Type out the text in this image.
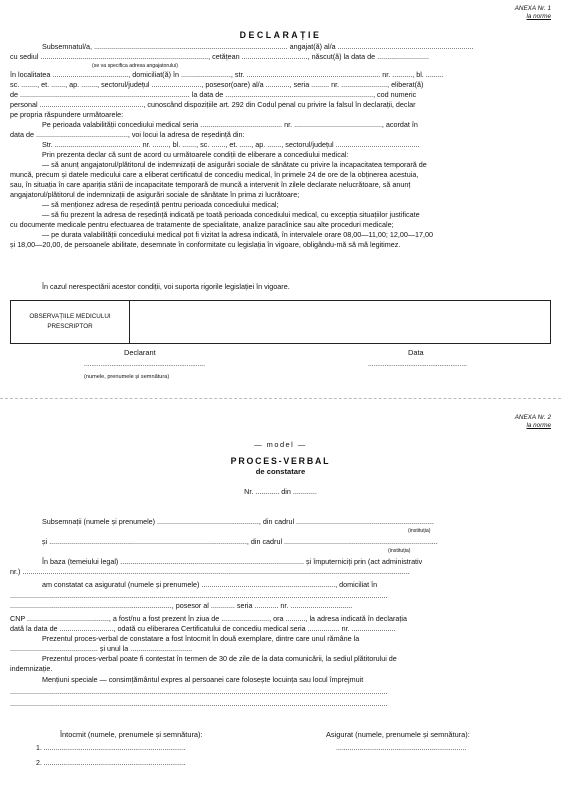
ANEXA Nr. 1
la norme
DECLARAȚIE
Subsemnatul/a, ................................................................................................. angajat(ă) al/a ....................................................................
cu sediul ...................................................................................., cetățean ................................., născut(ă) la data de ..........................
(se va specifica adresa angajatorului)
în localitatea ......................................, domiciliat(ă) în ........................., str. ................................................................... nr. .........., bl. .........
sc. ........, et. ......., ap. ........, sectorul/județul ........................., posesor(oare) al/a ............, seria ......... nr. ......................., eliberat(ă)
de ..................................................................................... la data de .........................................................................., cod numeric
personal ...................................................., cunoscând dispozițiile art. 292 din Codul penal cu privire la falsul în declarații, declar
pe propria răspundere următoarele:
Pe perioada valabilității concediului medical seria ......................................... nr. ............................................, acordat în
data de .............................................., voi locui la adresa de reședință din:
Str. ........................................... nr. ........, bl. ......., sc. ......., et. ......, ap. ......., sectorul/județul ..........................................
Prin prezenta declar că sunt de acord cu următoarele condiții de eliberare a concediului medical:
— să anunț angajatorul/plătitorul de indemnizații de asigurări sociale de sănătate cu privire la incapacitatea temporară de
muncă, precum și datele medicului care a eliberat certificatul de concediu medical, în primele 24 de ore de la obținerea acestuia,
sau, în situația în care apariția stării de incapacitate temporară de muncă a intervenit în zilele declarate nelucrătoare, să anunț
angajatorul/plătitorul de indemnizații de asigurări sociale de sănătate în prima zi lucrătoare;
— să menționez adresa de reședință pentru perioada concediului medical;
— să fiu prezent la adresa de reședință indicată pe toată perioada concediului medical, cu excepția situațiilor justificate
cu documente medicale pentru efectuarea de tratamente de specialitate, analize paraclinice sau alte proceduri medicale;
— pe durata valabilității concediului medical pot fi vizitat la adresa indicată, în intervalele orare 08,00—11,00; 12,00—17,00
și 18,00—20,00, de persoanele abilitate, desemnate în conformitate cu legislația în vigoare, obligându-mă să mă legitimez.
În cazul nerespectării acestor condiții, voi suporta rigorile legislației în vigoare.
OBSERVAȚIILE MEDICULUI PRESCRIPTOR
Declarant
..................................................................
(numele, prenumele și semnătura)
Data
......................................................
ANEXA Nr. 2
la norme
— model —
PROCES-VERBAL
de constatare
Nr. ............ din ............
Subsemnații (numele și prenumele) ..................................................., din cadrul .....................................................................
(instituția)
și ..................................................................................................., din cadrul .............................................................................
(instituția)
În baza (temeiului legal) ............................................................................................ și împuterniciți prin (act administrativ
nr.) ..................................................................................................................................................................................................
am constatat ca asiguratul (numele și prenumele) ..................................................................., domiciliat în
.............................................................................................................................................................................................
................................................................................., posesor al ............ seria ............ nr. ...............................
CNP ........................................., a fost/nu a fost prezent în ziua de ........................, ora .........., la adresa indicată în declarația
dată la data de ..........................., odată cu eliberarea Certificatului de concediu medical seria ................ nr. ......................
Prezentul proces-verbal de constatare a fost întocmit în două exemplare, dintre care unul rămâne la
............................................ și unul la ...............................
Prezentul proces-verbal poate fi contestat în termen de 30 de zile de la data comunicării, la sediul plătitorului de
indemnizație.
Mențiuni speciale — consimțământul expres al persoanei care folosește locuința sau locul împrejmuit
.............................................................................................................................................................................................
.............................................................................................................................................................................................
Întocmit (numele, prenumele și semnătura):
1. .........................................................................
2. .........................................................................
Asigurat (numele, prenumele și semnătura):
...................................................................
